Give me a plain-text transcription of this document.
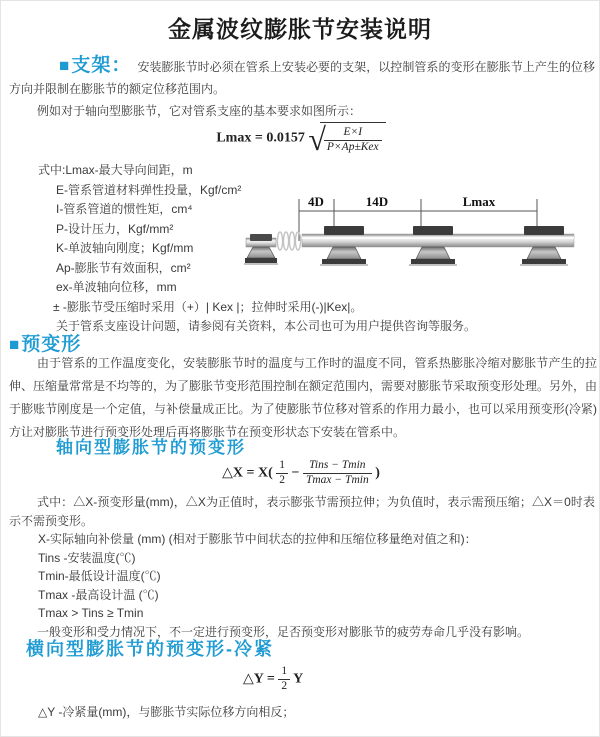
金属波纹膨胀节安装说明
■支架： 安装膨胀节时必须在管系上安装必要的支架，以控制管系的变形在膨胀节上产生的位移方向并限制在膨胀节的额定位移范围内。
例如对于轴向型膨胀节，它对管系支座的基本要求如图所示：
Lmax = 0.0157 √
$\frac{E\times I}{\text{P×Ap±Kex}}$
式中:Lmax-最大导向间距，m
E-管系管道材料弹性投量，Kgf/cm²
I-管系管道的惯性矩，cm⁴
P-设计压力，Kgf/mm²
K-单波轴向刚度；Kgf/mm
Ap-膨胀节有效面积，cm²
ex-单波轴向位移，mm
± -膨胀节受压缩时采用（+）| Kex |；拉伸时采用(-)|Kex|。
关于管系支座设计问题，请参阅有关资料，本公司也可为用户提供咨询等服务。
4D	14D	Lmax
■预变形
由于管系的工作温度变化，安装膨胀节时的温度与工作时的温度不同，管系热膨胀冷缩对膨胀节产生的拉伸、压缩量常常是不均等的，为了膨胀节变形范围控制在额定范围内，需要对膨胀节采取预变形处理。另外，由于膨账节刚度是一个定值，与补偿量成正比。为了使膨胀节位移对管系的作用力最小，也可以采用预变形(冷紧)方让对膨胀节进行预变形处理后再将膨胀节在预变形状态下安装在管系中。
轴向型膨胀节的预变形
△X = $X( \frac{1}{2} - \frac{\text{Tins − Tmin}}{Tmax - Tmin}$ )

式中：△X-预变形量(mm)，△X为正值时，表示膨张节需预拉伸；为负值时，表示需预压缩；△X＝0时表示不需预变形。

X-实际轴向补偿量 (mm) (相对于膨胀节中间状态的拉伸和压缩位移量绝对值之和)：

Tins -安装温度(℃)

Tmin-最低设计温度(℃)

Tmax -最高设计温 (℃)

Tmax > Tins ≥ Tmin

一般变形和受力情况下，不一定进行预变形，足否预变形对膨胀节的疲劳寿命几乎没有影响。

横向型膨胀节的预变形-冷紧
△Y = $\frac{1}{2}$ Y
△Y -冷紧量(mm)，与膨胀节实际位移方向相反；
